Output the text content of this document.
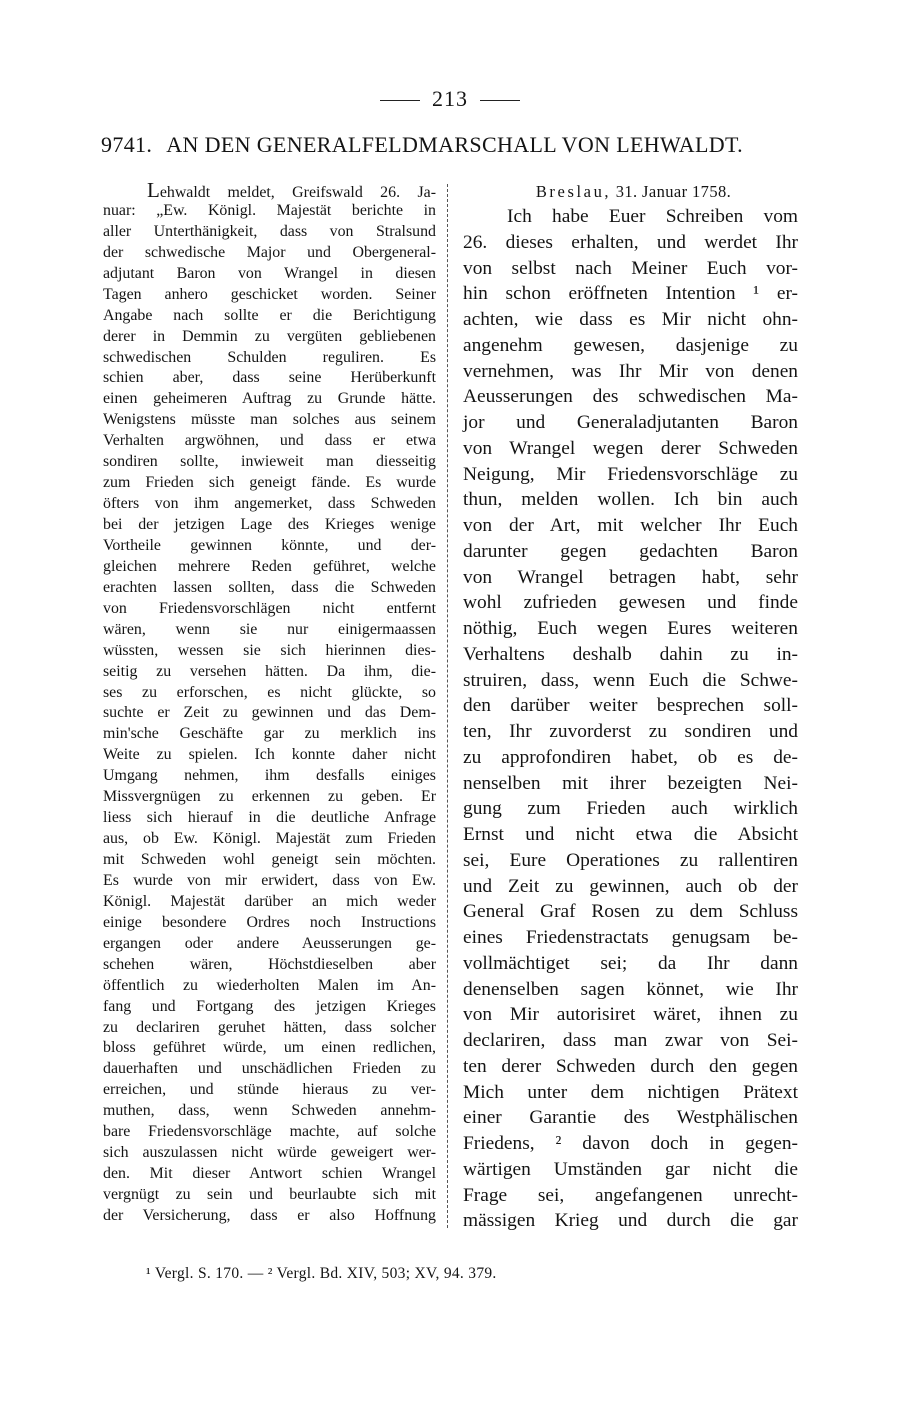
213
9741. AN DEN GENERALFELDMARSCHALL VON LEHWALDT.
Lehwaldt meldet, Greifswald 26. Ja-
nuar: „Ew. Königl. Majestät berichte in
aller Unterthänigkeit, dass von Stralsund
der schwedische Major und Obergeneral-
adjutant Baron von Wrangel in diesen
Tagen anhero geschicket worden. Seiner
Angabe nach sollte er die Berichtigung
derer in Demmin zu vergüten gebliebenen
schwedischen Schulden reguliren. Es
schien aber, dass seine Herüberkunft
einen geheimeren Auftrag zu Grunde hätte.
Wenigstens müsste man solches aus seinem
Verhalten argwöhnen, und dass er etwa
sondiren sollte, inwieweit man diesseitig
zum Frieden sich geneigt fände. Es wurde
öfters von ihm angemerket, dass Schweden
bei der jetzigen Lage des Krieges wenige
Vortheile gewinnen könnte, und der-
gleichen mehrere Reden geführet, welche
erachten lassen sollten, dass die Schweden
von Friedensvorschlägen nicht entfernt
wären, wenn sie nur einigermaassen
wüssten, wessen sie sich hierinnen dies-
seitig zu versehen hätten. Da ihm, die-
ses zu erforschen, es nicht glückte, so
suchte er Zeit zu gewinnen und das Dem-
min'sche Geschäfte gar zu merklich ins
Weite zu spielen. Ich konnte daher nicht
Umgang nehmen, ihm desfalls einiges
Missvergnügen zu erkennen zu geben. Er
liess sich hierauf in die deutliche Anfrage
aus, ob Ew. Königl. Majestät zum Frieden
mit Schweden wohl geneigt sein möchten.
Es wurde von mir erwidert, dass von Ew.
Königl. Majestät darüber an mich weder
einige besondere Ordres noch Instructions
ergangen oder andere Aeusserungen ge-
schehen wären, Höchstdieselben aber
öffentlich zu wiederholten Malen im An-
fang und Fortgang des jetzigen Krieges
zu declariren geruhet hätten, dass solcher
bloss geführet würde, um einen redlichen,
dauerhaften und unschädlichen Frieden zu
erreichen, und stünde hieraus zu ver-
muthen, dass, wenn Schweden annehm-
bare Friedensvorschläge machte, auf solche
sich auszulassen nicht würde geweigert wer-
den. Mit dieser Antwort schien Wrangel
vergnügt zu sein und beurlaubte sich mit
der Versicherung, dass er also Hoffnung
Breslau, 31. Januar 1758.
Ich habe Euer Schreiben vom
26. dieses erhalten, und werdet Ihr
von selbst nach Meiner Euch vor-
hin schon eröffneten Intention ¹ er-
achten, wie dass es Mir nicht ohn-
angenehm gewesen, dasjenige zu
vernehmen, was Ihr Mir von denen
Aeusserungen des schwedischen Ma-
jor und Generaladjutanten Baron
von Wrangel wegen derer Schweden
Neigung, Mir Friedensvorschläge zu
thun, melden wollen. Ich bin auch
von der Art, mit welcher Ihr Euch
darunter gegen gedachten Baron
von Wrangel betragen habt, sehr
wohl zufrieden gewesen und finde
nöthig, Euch wegen Eures weiteren
Verhaltens deshalb dahin zu in-
struiren, dass, wenn Euch die Schwe-
den darüber weiter besprechen soll-
ten, Ihr zuvorderst zu sondiren und
zu approfondiren habet, ob es de-
nenselben mit ihrer bezeigten Nei-
gung zum Frieden auch wirklich
Ernst und nicht etwa die Absicht
sei, Eure Operationes zu rallentiren
und Zeit zu gewinnen, auch ob der
General Graf Rosen zu dem Schluss
eines Friedenstractats genugsam be-
vollmächtiget sei; da Ihr dann
denenselben sagen könnet, wie Ihr
von Mir autorisiret wäret, ihnen zu
declariren, dass man zwar von Sei-
ten derer Schweden durch den gegen
Mich unter dem nichtigen Prätext
einer Garantie des Westphälischen
Friedens, ² davon doch in gegen-
wärtigen Umständen gar nicht die
Frage sei, angefangenen unrecht-
mässigen Krieg und durch die gar
¹ Vergl. S. 170. — ² Vergl. Bd. XIV, 503; XV, 94. 379.
